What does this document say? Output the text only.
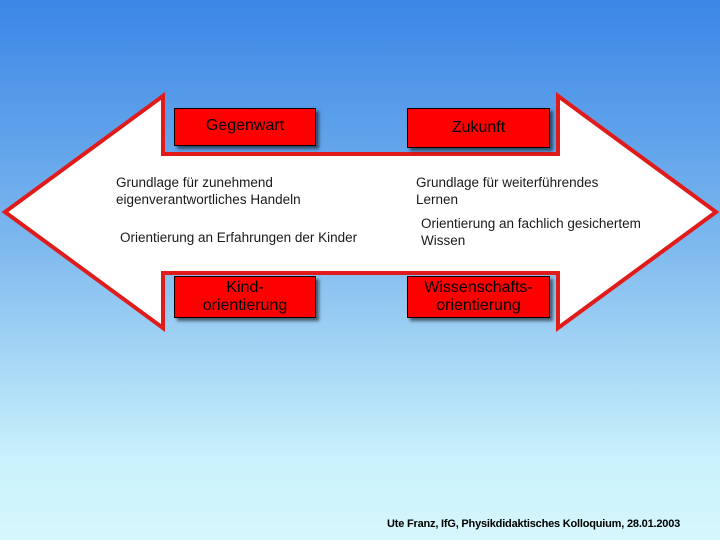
Gegenwart	Zukunft
Grundlage für zunehmend
eigenverantwortliches Handeln
Grundlage für weiterführendes
Lernen
Orientierung an Erfahrungen der Kinder
Orientierung an fachlich gesichertem
Wissen
Kind-
orientierung
Wissenschafts-
orientierung
Ute Franz, IfG, Physikdidaktisches Kolloquium, 28.01.2003
